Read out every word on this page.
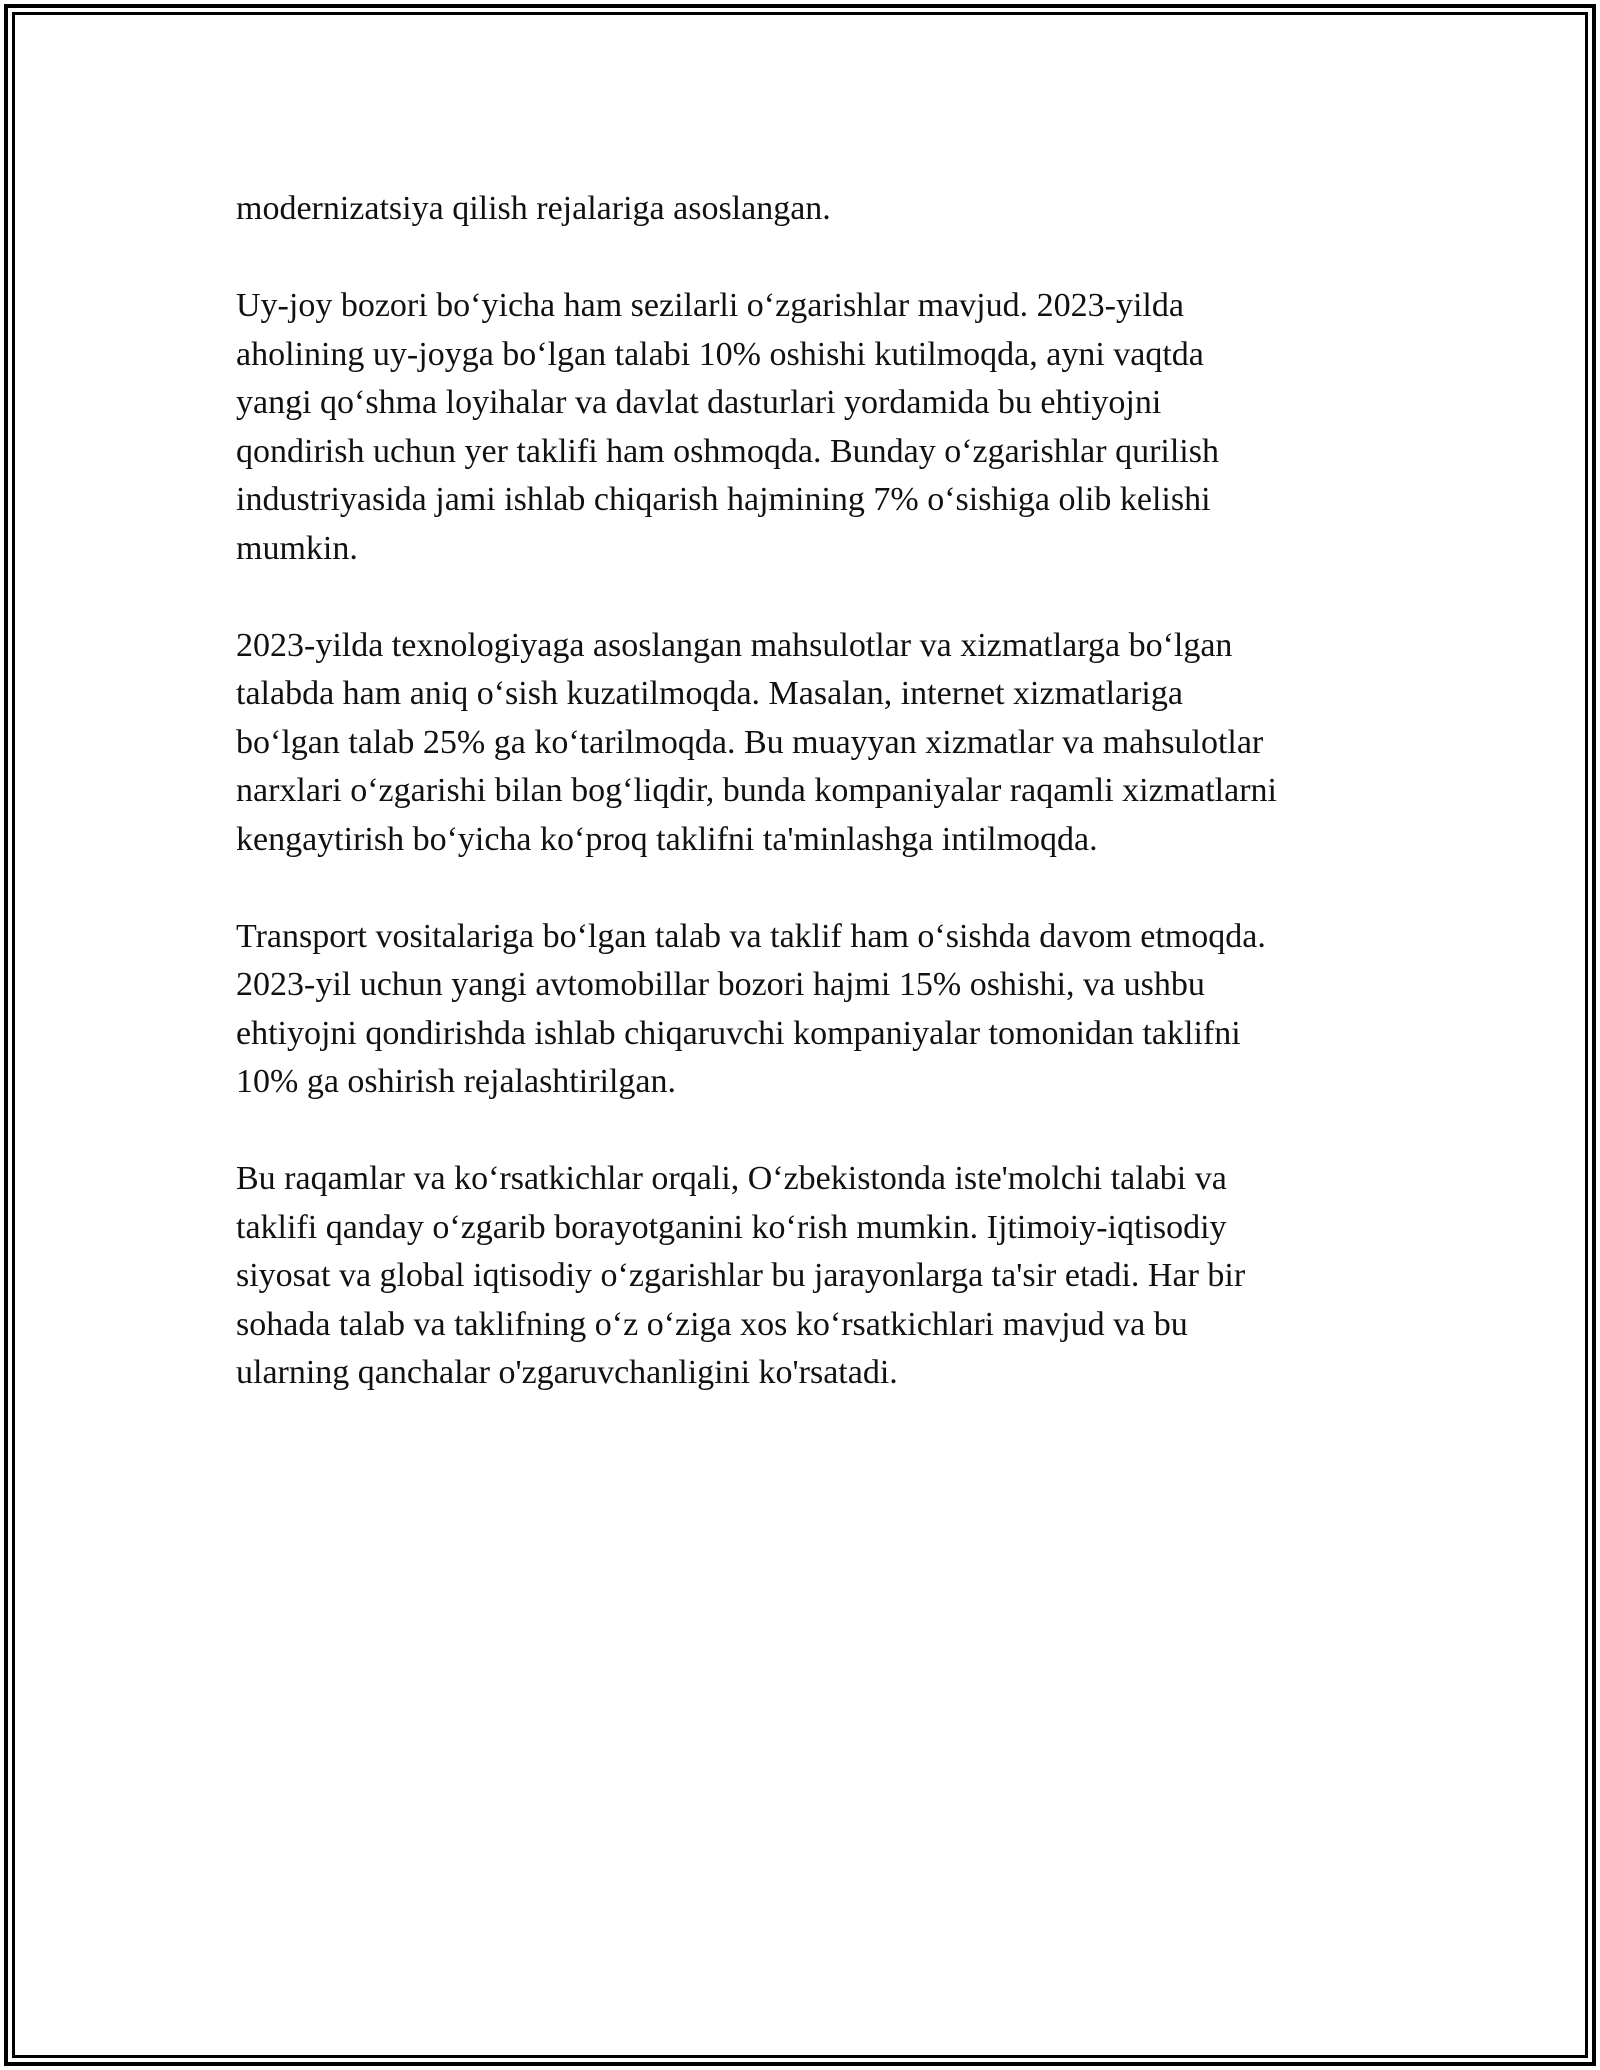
modernizatsiya qilish rejalariga asoslangan.
Uy-joy bozori bo‘yicha ham sezilarli o‘zgarishlar mavjud. 2023-yilda
aholining uy-joyga bo‘lgan talabi 10% oshishi kutilmoqda, ayni vaqtda
yangi qo‘shma loyihalar va davlat dasturlari yordamida bu ehtiyojni
qondirish uchun yer taklifi ham oshmoqda. Bunday o‘zgarishlar qurilish
industriyasida jami ishlab chiqarish hajmining 7% o‘sishiga olib kelishi
mumkin.
2023-yilda texnologiyaga asoslangan mahsulotlar va xizmatlarga bo‘lgan
talabda ham aniq o‘sish kuzatilmoqda. Masalan, internet xizmatlariga
bo‘lgan talab 25% ga ko‘tarilmoqda. Bu muayyan xizmatlar va mahsulotlar
narxlari o‘zgarishi bilan bog‘liqdir, bunda kompaniyalar raqamli xizmatlarni
kengaytirish bo‘yicha ko‘proq taklifni ta'minlashga intilmoqda.
Transport vositalariga bo‘lgan talab va taklif ham o‘sishda davom etmoqda.
2023-yil uchun yangi avtomobillar bozori hajmi 15% oshishi, va ushbu
ehtiyojni qondirishda ishlab chiqaruvchi kompaniyalar tomonidan taklifni
10% ga oshirish rejalashtirilgan.
Bu raqamlar va ko‘rsatkichlar orqali, O‘zbekistonda iste'molchi talabi va
taklifi qanday o‘zgarib borayotganini ko‘rish mumkin. Ijtimoiy-iqtisodiy
siyosat va global iqtisodiy o‘zgarishlar bu jarayonlarga ta'sir etadi. Har bir
sohada talab va taklifning o‘z o‘ziga xos ko‘rsatkichlari mavjud va bu
ularning qanchalar o'zgaruvchanligini ko'rsatadi.
